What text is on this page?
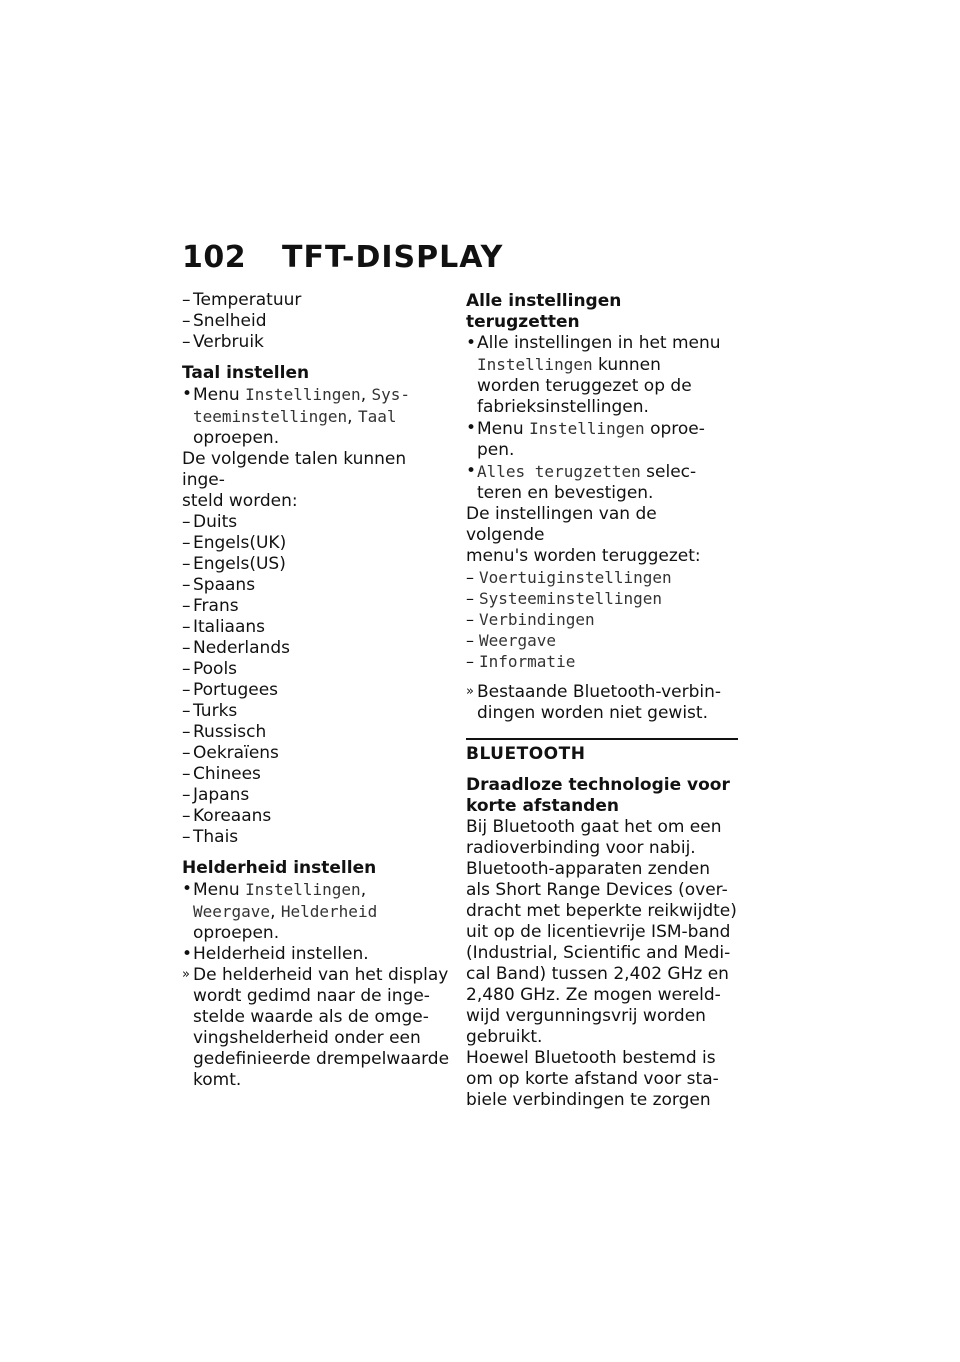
102	TFT-DISPLAY
– Temperatuur
– Snelheid
– Verbruik
Taal instellen
• Menu Instellingen, Sys-
teeminstellingen, Taal
oproepen.
De volgende talen kunnen inge-
steld worden:
– Duits
– Engels(UK)
– Engels(US)
– Spaans
– Frans
– Italiaans
– Nederlands
– Pools
– Portugees
– Turks
– Russisch
– Oekraïens
– Chinees
– Japans
– Koreaans
– Thais
Helderheid instellen
• Menu Instellingen,
Weergave, Helderheid
oproepen.
• Helderheid instellen.
» De helderheid van het display
wordt gedimd naar de inge-
stelde waarde als de omge-
vingshelderheid onder een
gedefinieerde drempelwaarde
komt.
Alle instellingen terugzetten
• Alle instellingen in het menu
Instellingen kunnen
worden teruggezet op de
fabrieksinstellingen.
• Menu Instellingen oproe-
pen.
• Alles terugzetten selec-
teren en bevestigen.
De instellingen van de volgende
menu's worden teruggezet:
– Voertuiginstellingen
– Systeeminstellingen
– Verbindingen
– Weergave
– Informatie
» Bestaande Bluetooth-verbin-
dingen worden niet gewist.
BLUETOOTH
Draadloze technologie voor
korte afstanden
Bij Bluetooth gaat het om een
radioverbinding voor nabij.
Bluetooth-apparaten zenden
als Short Range Devices (over-
dracht met beperkte reikwijdte)
uit op de licentievrije ISM-band
(Industrial, Scientific and Medi-
cal Band) tussen 2,402 GHz en
2,480 GHz. Ze mogen wereld-
wijd vergunningsvrij worden
gebruikt.
Hoewel Bluetooth bestemd is
om op korte afstand voor sta-
biele verbindingen te zorgen
